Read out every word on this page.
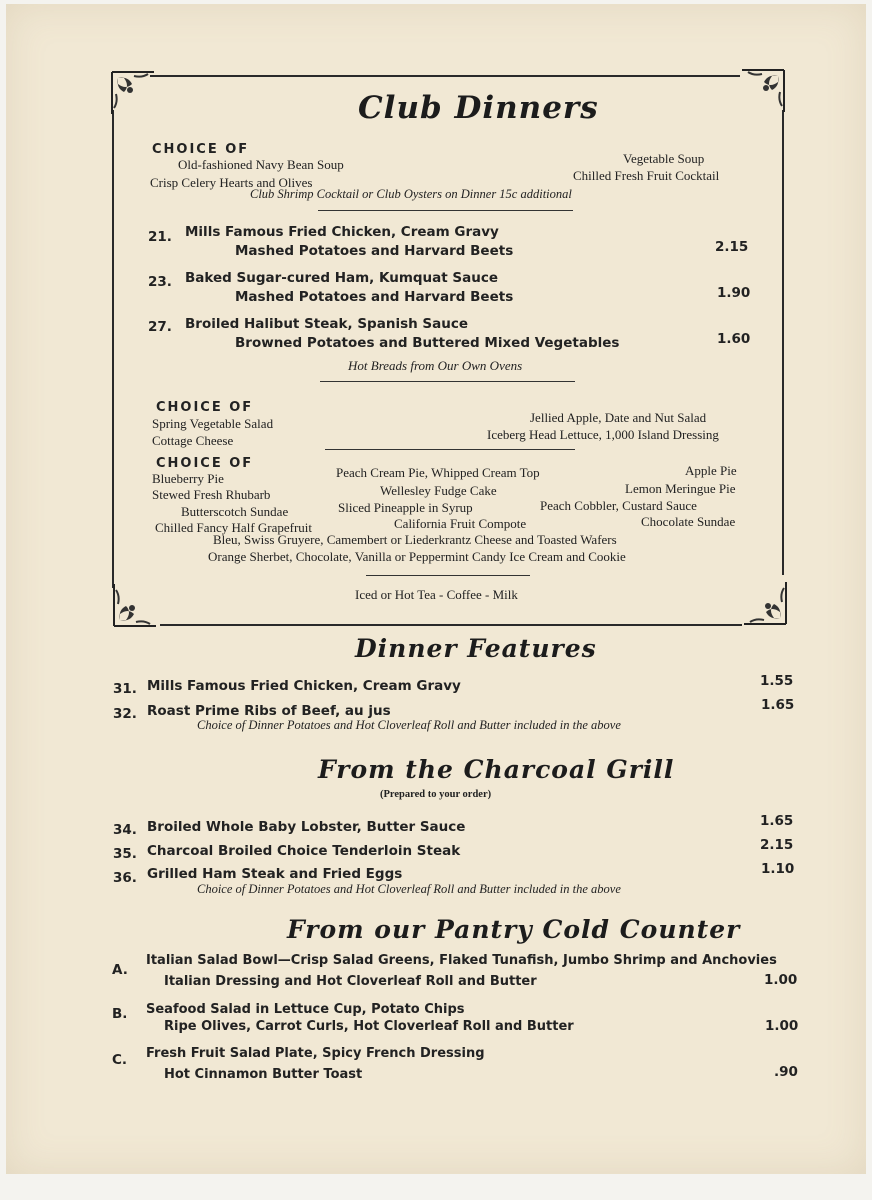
Club Dinners
CHOICE OF
Old-fashioned Navy Bean Soup
Crisp Celery Hearts and Olives
Vegetable Soup
Chilled Fresh Fruit Cocktail
Club Shrimp Cocktail or Club Oysters on Dinner 15c additional
21. Mills Famous Fried Chicken, Cream Gravy
Mashed Potatoes and Harvard Beets	2.15
23. Baked Sugar-cured Ham, Kumquat Sauce
Mashed Potatoes and Harvard Beets	1.90
27. Broiled Halibut Steak, Spanish Sauce
Browned Potatoes and Buttered Mixed Vegetables	1.60
Hot Breads from Our Own Ovens
CHOICE OF
Spring Vegetable Salad
Cottage Cheese
Jellied Apple, Date and Nut Salad
Iceberg Head Lettuce, 1,000 Island Dressing
CHOICE OF
Blueberry Pie	Peach Cream Pie, Whipped Cream Top	Apple Pie
Stewed Fresh Rhubarb	Wellesley Fudge Cake	Lemon Meringue Pie
Butterscotch Sundae	Sliced Pineapple in Syrup	Peach Cobbler, Custard Sauce
Chilled Fancy Half Grapefruit	California Fruit Compote	Chocolate Sundae
Bleu, Swiss Gruyere, Camembert or Liederkrantz Cheese and Toasted Wafers
Orange Sherbet, Chocolate, Vanilla or Peppermint Candy Ice Cream and Cookie
Iced or Hot Tea - Coffee - Milk
Dinner Features
31. Mills Famous Fried Chicken, Cream Gravy	1.55
32. Roast Prime Ribs of Beef, au jus	1.65
Choice of Dinner Potatoes and Hot Cloverleaf Roll and Butter included in the above
From the Charcoal Grill
(Prepared to your order)
34. Broiled Whole Baby Lobster, Butter Sauce	1.65
35. Charcoal Broiled Choice Tenderloin Steak	2.15
36. Grilled Ham Steak and Fried Eggs	1.10
Choice of Dinner Potatoes and Hot Cloverleaf Roll and Butter included in the above
From our Pantry Cold Counter
A.
Italian Salad Bowl—Crisp Salad Greens, Flaked Tunafish, Jumbo Shrimp and Anchovies
Italian Dressing and Hot Cloverleaf Roll and Butter	1.00
B. Seafood Salad in Lettuce Cup, Potato Chips
Ripe Olives, Carrot Curls, Hot Cloverleaf Roll and Butter	1.00
C. Fresh Fruit Salad Plate, Spicy French Dressing
Hot Cinnamon Butter Toast	.90
